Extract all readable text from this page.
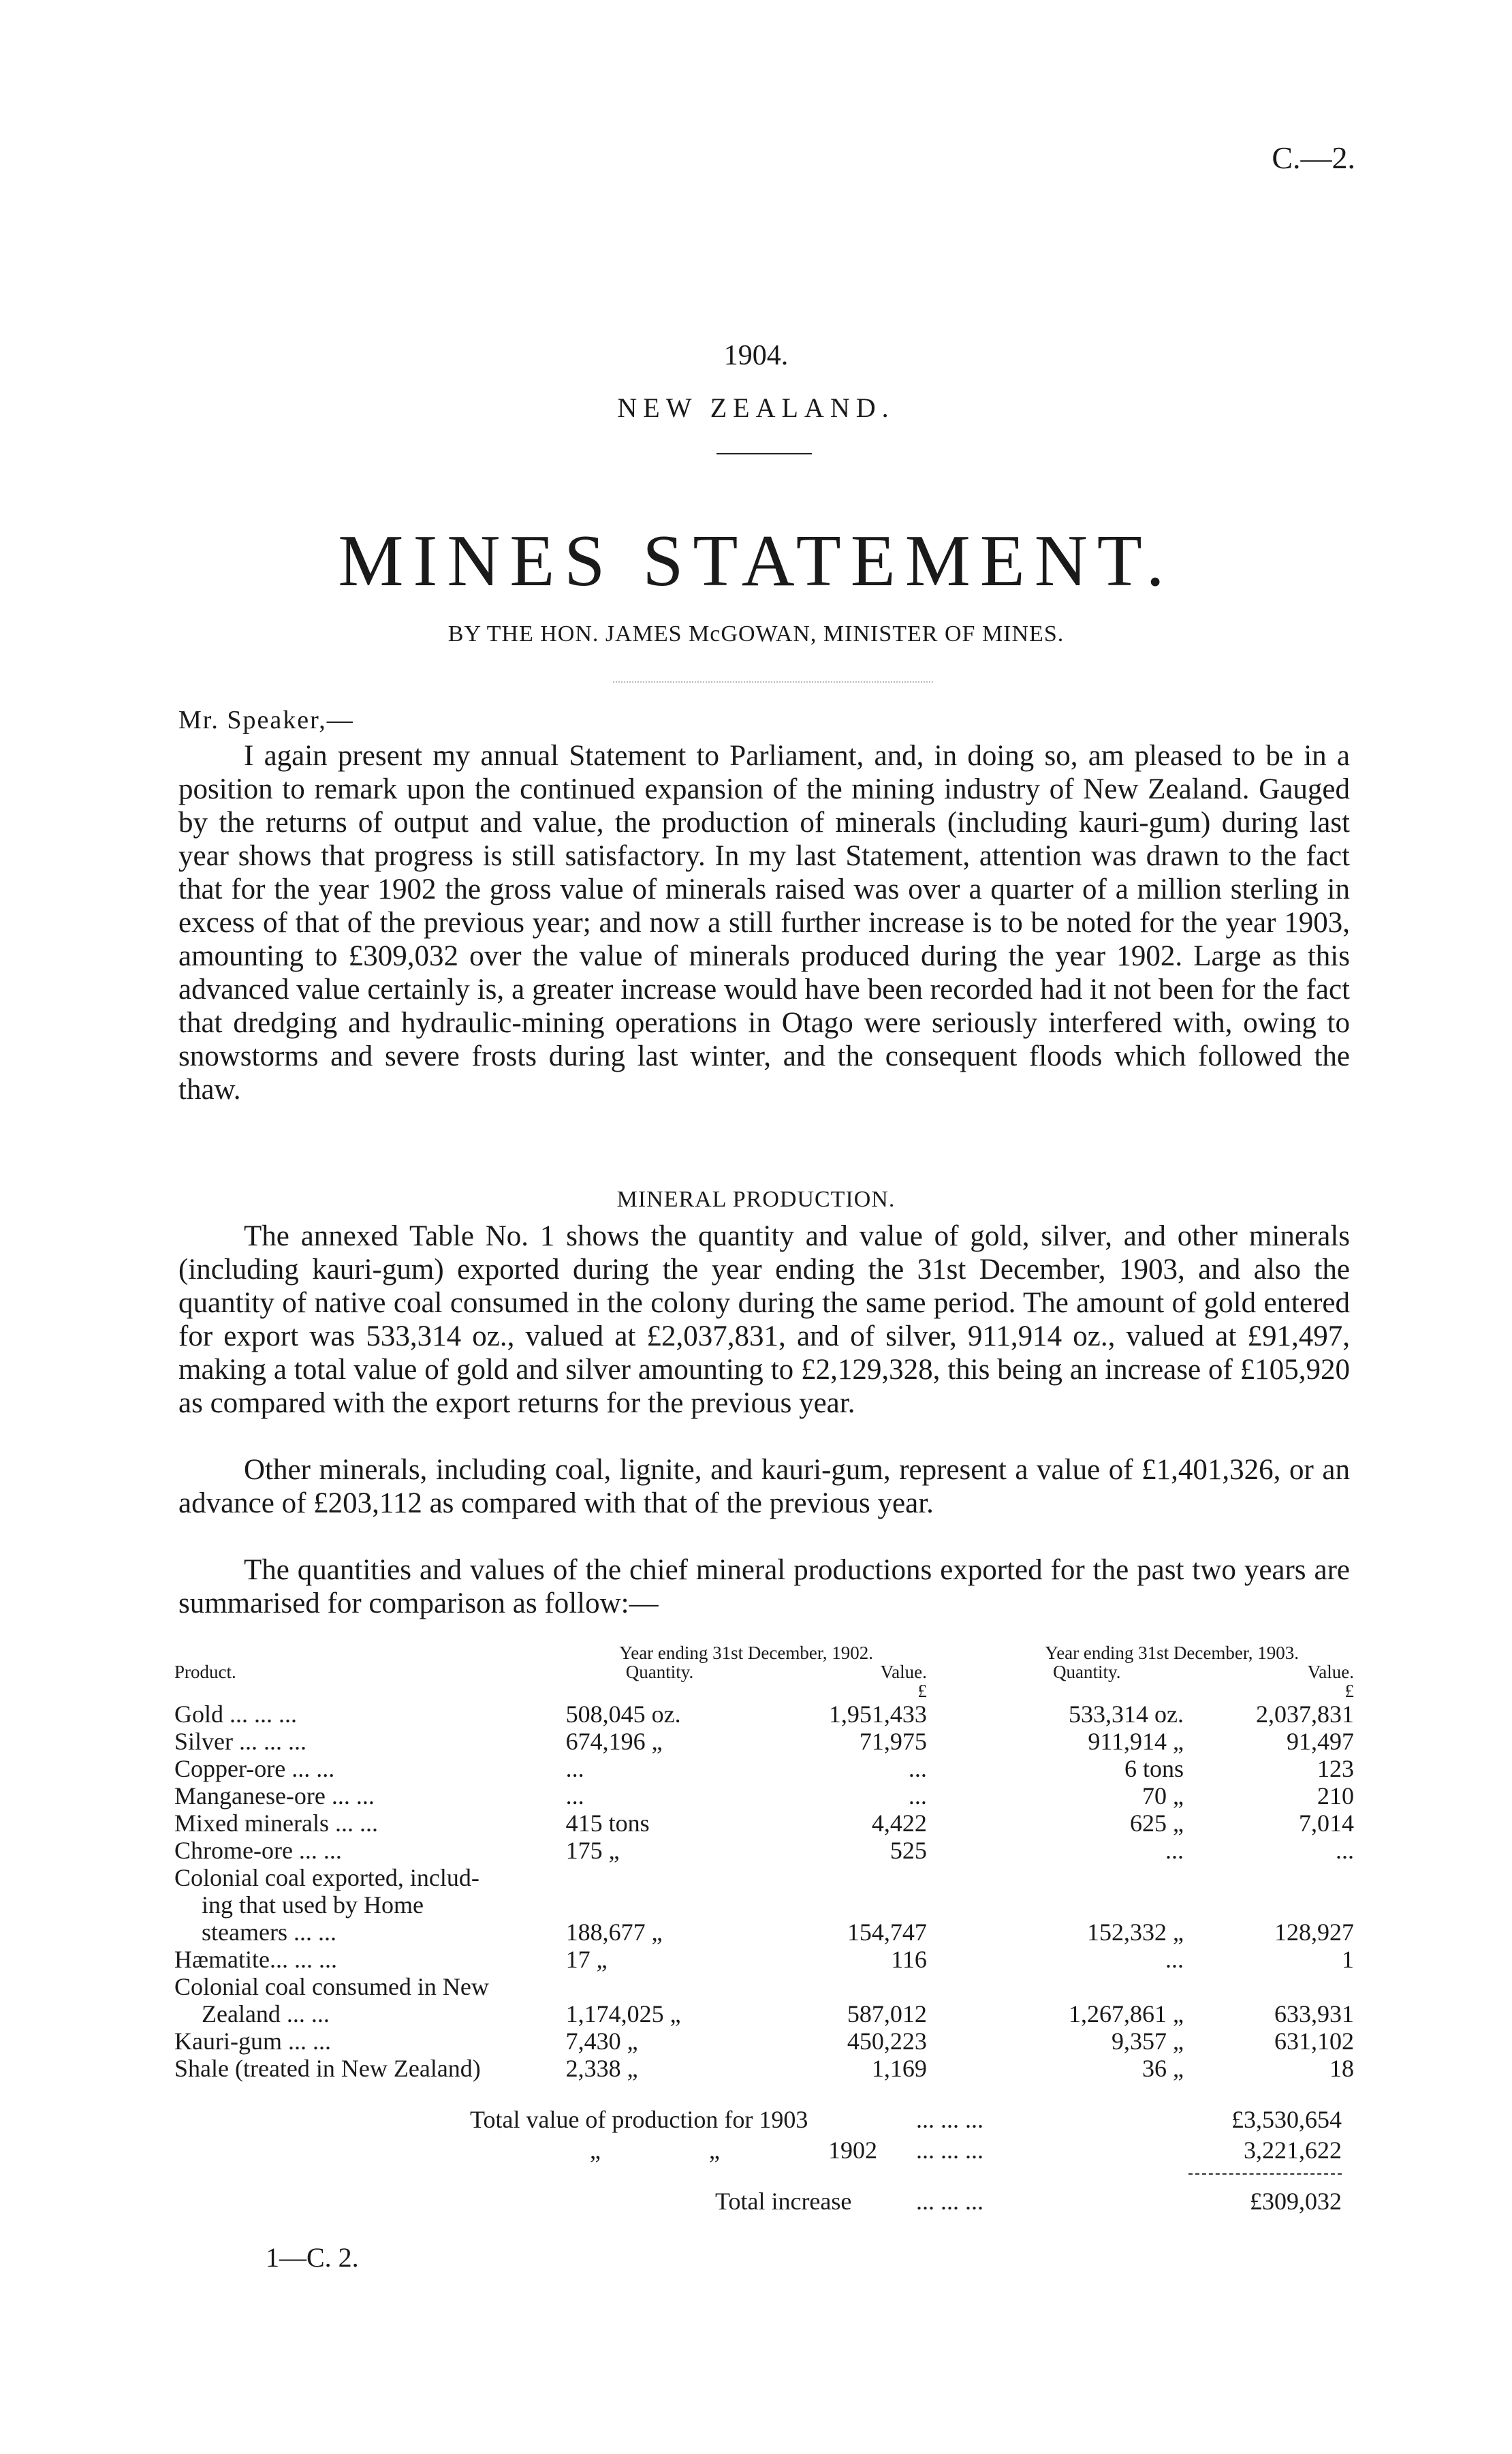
C.—2.
1904.
NEW ZEALAND.
MINES STATEMENT.
BY THE HON. JAMES McGOWAN, MINISTER OF MINES.
Mr. Speaker,—

I again present my annual Statement to Parliament, and, in doing so, am pleased to be in a position to remark upon the continued expansion of the mining industry of New Zealand. Gauged by the returns of output and value, the production of minerals (including kauri-gum) during last year shows that progress is still satisfactory. In my last Statement, attention was drawn to the fact that for the year 1902 the gross value of minerals raised was over a quarter of a million sterling in excess of that of the previous year; and now a still further increase is to be noted for the year 1903, amounting to £309,032 over the value of minerals produced during the year 1902. Large as this advanced value certainly is, a greater increase would have been recorded had it not been for the fact that dredging and hydraulic-mining operations in Otago were seriously interfered with, owing to snowstorms and severe frosts during last winter, and the consequent floods which followed the thaw.

MINERAL PRODUCTION.

The annexed Table No. 1 shows the quantity and value of gold, silver, and other minerals (including kauri-gum) exported during the year ending the 31st December, 1903, and also the quantity of native coal consumed in the colony during the same period. The amount of gold entered for export was 533,314 oz., valued at £2,037,831, and of silver, 911,914 oz., valued at £91,497, making a total value of gold and silver amounting to £2,129,328, this being an increase of £105,920 as compared with the export returns for the previous year.

Other minerals, including coal, lignite, and kauri-gum, represent a value of £1,401,326, or an advance of £203,112 as compared with that of the previous year.

The quantities and values of the chief mineral productions exported for the past two years are summarised for comparison as follow:—

Product.	Year ending 31st December, 1902.			Year ending 31st December, 1903.	
	Quantity.	Value.		Quantity.	Value.
		£			£
Gold ... ... ...	508,045 oz.	1,951,433		533,314 oz.	2,037,831
Silver ... ... ...	674,196 „	71,975		911,914 „	91,497
Copper-ore ... ...	...	...		6 tons	123
Manganese-ore ... ...	...	...		70 „	210
Mixed minerals ... ...	415 tons	4,422		625 „	7,014
Chrome-ore ... ...	175 „	525		...	...
Colonial coal exported, includ-					
ing that used by Home					
steamers ... ...	188,677 „	154,747		152,332 „	128,927
Hæmatite... ... ...	17 „	116		...	1
Colonial coal consumed in New					
Zealand ... ...	1,174,025 „	587,012		1,267,861 „	633,931
Kauri-gum ... ...	7,430 „	450,223		9,357 „	631,102
Shale (treated in New Zealand)	2,338 „	1,169		36 „	18
Total value of production for 1903	... ... ...	£3,530,654
„ „ 1902 ... ... ...	3,221,622
Total increase	... ... ...	£309,032
1—C. 2.
